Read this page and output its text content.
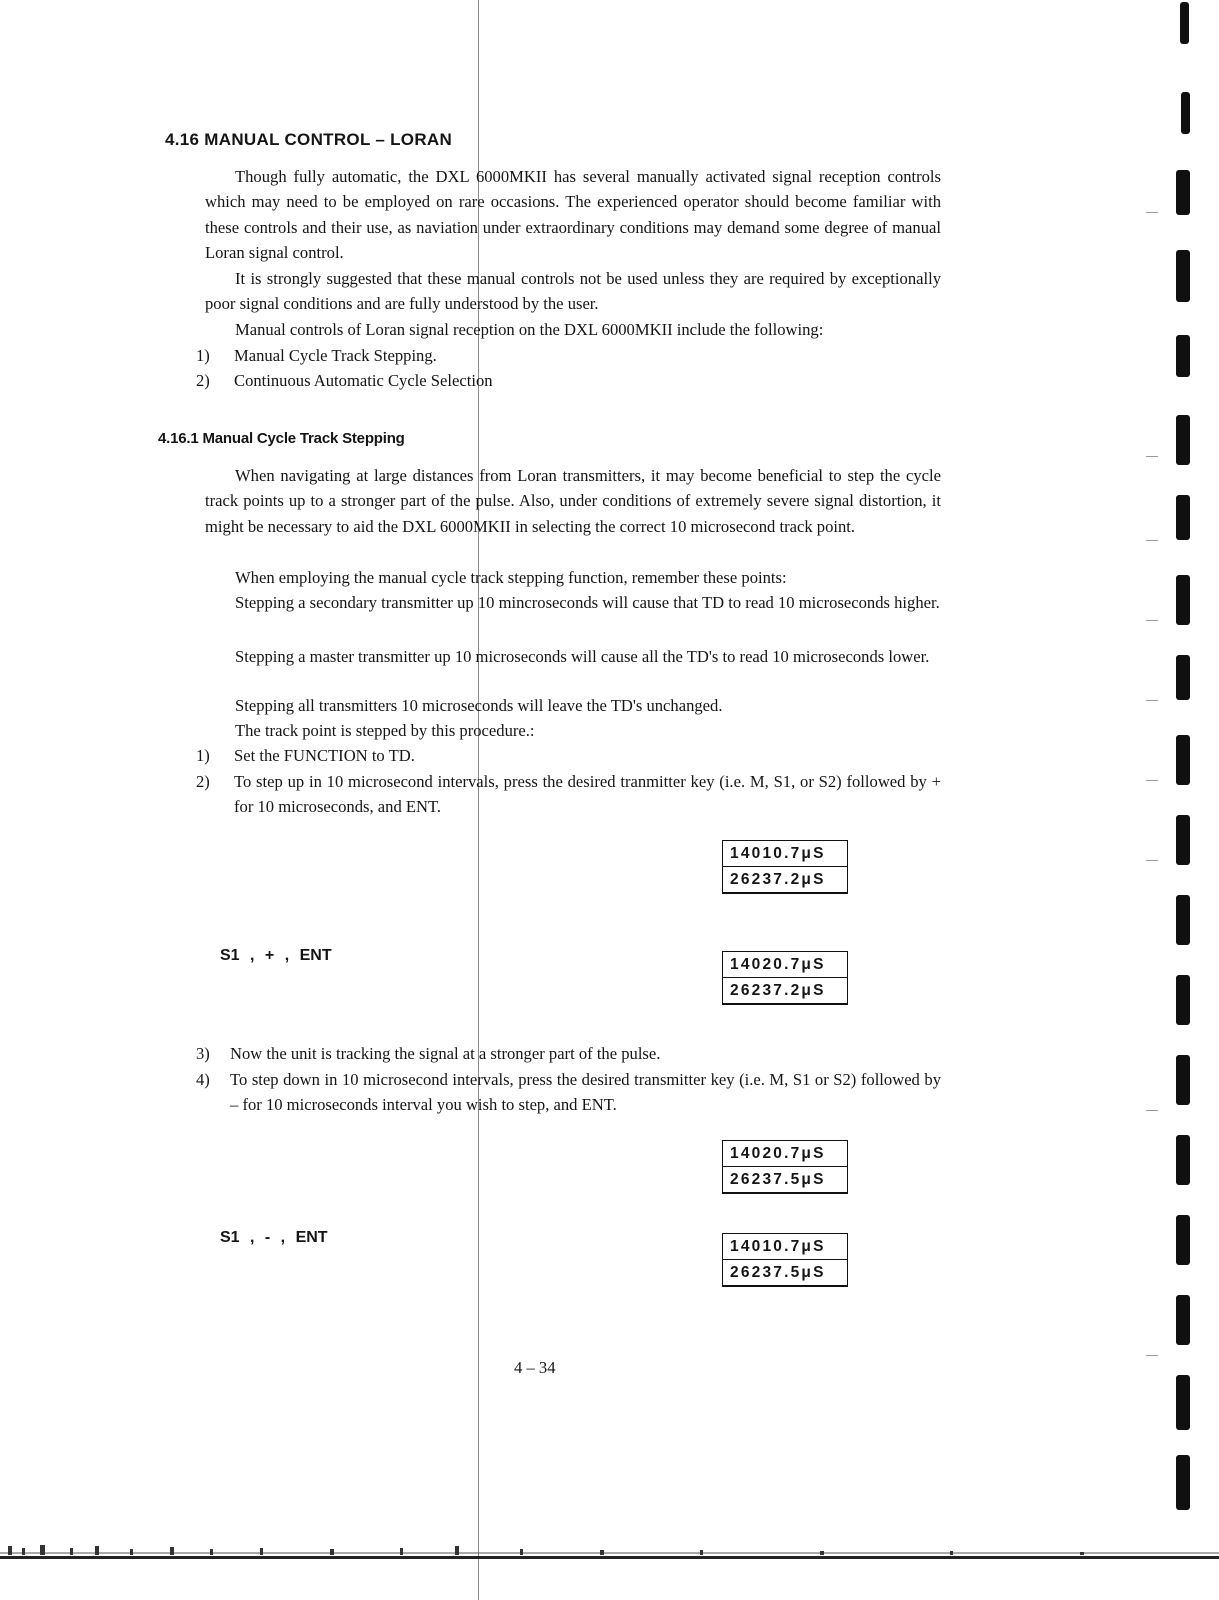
4.16 MANUAL CONTROL – LORAN

Though fully automatic, the DXL 6000MKII has several manually activated signal reception controls which may need to be employed on rare occasions. The experienced operator should become familiar with these controls and their use, as naviation under extraordinary conditions may demand some degree of manual Loran signal control.

It is strongly suggested that these manual controls not be used unless they are required by exceptionally poor signal conditions and are fully understood by the user.

Manual controls of Loran signal reception on the DXL 6000MKII include the following:
1)	Manual Cycle Track Stepping.
2)	Continuous Automatic Cycle Selection
4.16.1 Manual Cycle Track Stepping

When navigating at large distances from Loran transmitters, it may become beneficial to step the cycle track points up to a stronger part of the pulse. Also, under conditions of extremely severe signal distortion, it might be necessary to aid the DXL 6000MKII in selecting the correct 10 microsecond track point.

When employing the manual cycle track stepping function, remember these points:

Stepping a secondary transmitter up 10 mincroseconds will cause that TD to read 10 microseconds higher.

Stepping a master transmitter up 10 microseconds will cause all the TD's to read 10 microseconds lower.

Stepping all transmitters 10 microseconds will leave the TD's unchanged.
The track point is stepped by this procedure.:
1)	Set the FUNCTION to TD.
2)	To step up in 10 microsecond intervals, press the desired tranmitter key (i.e. M, S1, or S2) followed by + for 10 microseconds, and ENT.
14010.7μS
26237.2μS
S1 , + , ENT
14020.7μS
26237.2μS
3)	Now the unit is tracking the signal at a stronger part of the pulse.
4)	To step down in 10 microsecond intervals, press the desired transmitter key (i.e. M, S1 or S2) followed by – for 10 microseconds interval you wish to step, and ENT.
14020.7μS
26237.5μS
S1 , - , ENT
14010.7μS
26237.5μS
4 – 34
